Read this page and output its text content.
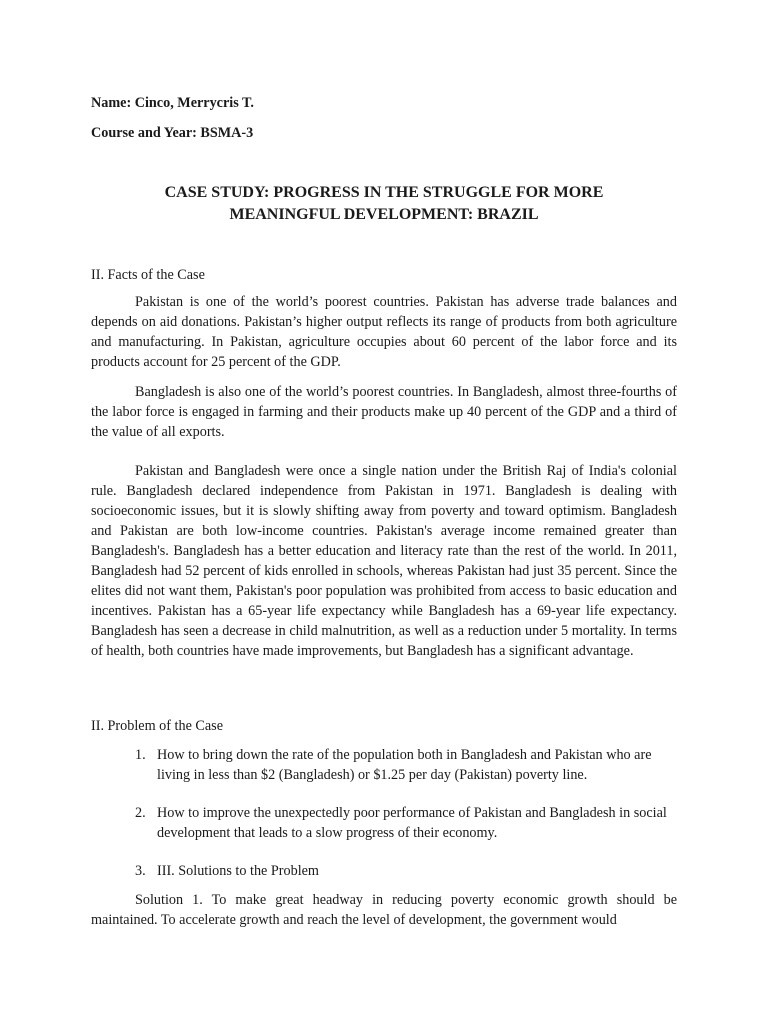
Name: Cinco, Merrycris T.
Course and Year: BSMA-3
CASE STUDY: PROGRESS IN THE STRUGGLE FOR MORE
MEANINGFUL DEVELOPMENT: BRAZIL
II. Facts of the Case

Pakistan is one of the world’s poorest countries. Pakistan has adverse trade balances and depends on aid donations. Pakistan’s higher output reflects its range of products from both agriculture and manufacturing. In Pakistan, agriculture occupies about 60 percent of the labor force and its products account for 25 percent of the GDP.

Bangladesh is also one of the world’s poorest countries. In Bangladesh, almost three-fourths of the labor force is engaged in farming and their products make up 40 percent of the GDP and a third of the value of all exports.

Pakistan and Bangladesh were once a single nation under the British Raj of India's colonial rule. Bangladesh declared independence from Pakistan in 1971. Bangladesh is dealing with socioeconomic issues, but it is slowly shifting away from poverty and toward optimism. Bangladesh and Pakistan are both low-income countries. Pakistan's average income remained greater than Bangladesh's. Bangladesh has a better education and literacy rate than the rest of the world. In 2011, Bangladesh had 52 percent of kids enrolled in schools, whereas Pakistan had just 35 percent. Since the elites did not want them, Pakistan's poor population was prohibited from access to basic education and incentives. Pakistan has a 65-year life expectancy while Bangladesh has a 69-year life expectancy. Bangladesh has seen a decrease in child malnutrition, as well as a reduction under 5 mortality. In terms of health, both countries have made improvements, but Bangladesh has a significant advantage.

II. Problem of the Case
1. How to bring down the rate of the population both in Bangladesh and Pakistan who are living in less than $2 (Bangladesh) or $1.25 per day (Pakistan) poverty line.
2. How to improve the unexpectedly poor performance of Pakistan and Bangladesh in social development that leads to a slow progress of their economy.
3. III. Solutions to the Problem

Solution 1. To make great headway in reducing poverty economic growth should be maintained. To accelerate growth and reach the level of development, the government would
